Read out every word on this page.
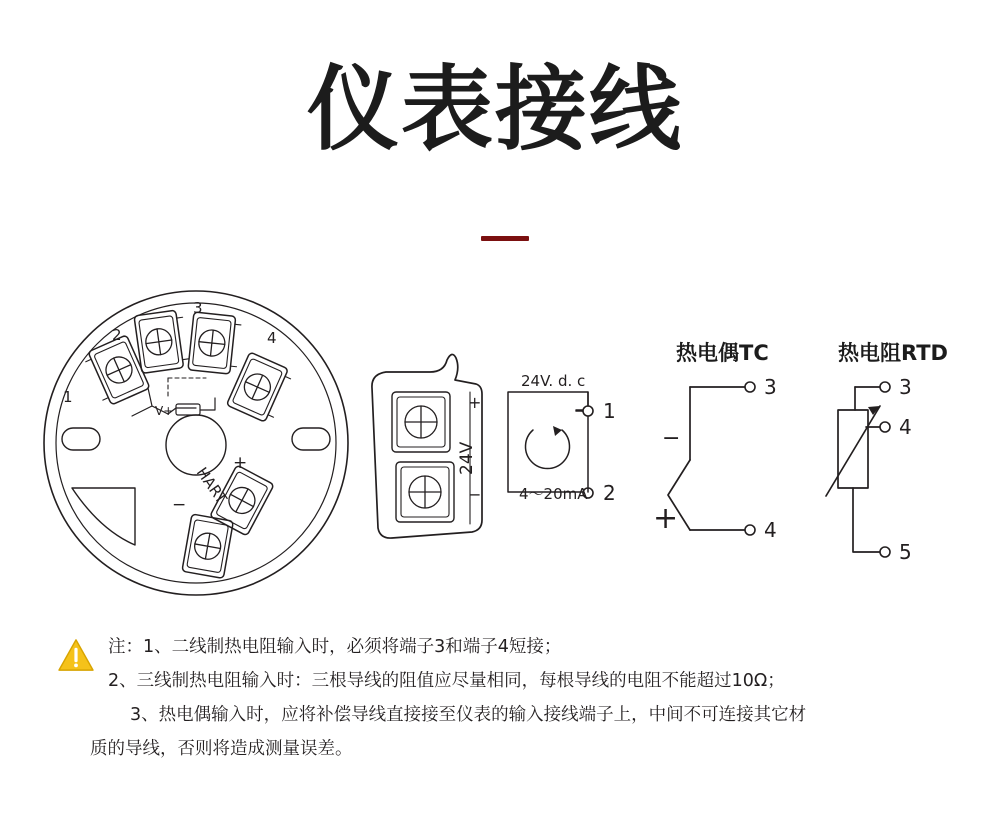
仪表接线
热电偶TC	热电阻RTD
1
2
3
4
HART
+
−
V+
24V
+
−
24V. d. c
4～20mA
1
2
3
4
−
+
3
4
5
注：1、二线制热电阻输入时，必须将端子3和端子4短接；
2、三线制热电阻输入时：三根导线的阻值应尽量相同，每根导线的电阻不能超过10Ω；
3、热电偶输入时，应将补偿导线直接接至仪表的输入接线端子上，中间不可连接其它材
质的导线，否则将造成测量误差。
